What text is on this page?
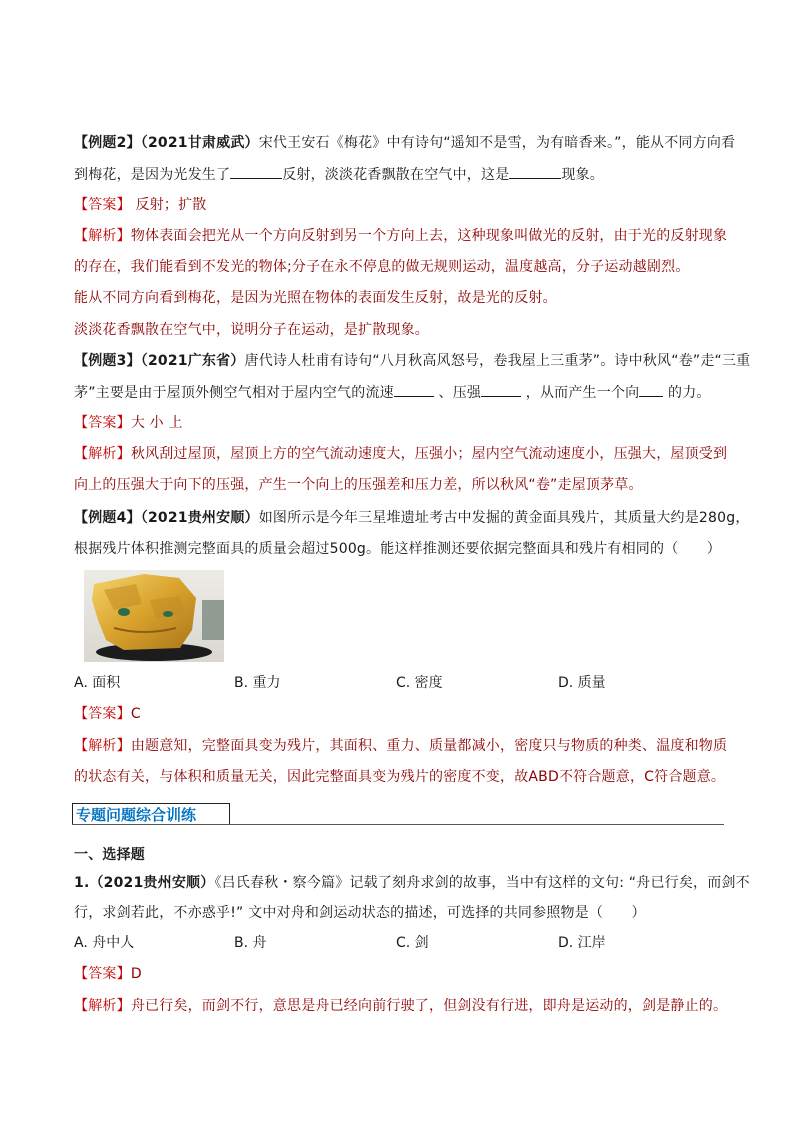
【例题2】（2021甘肃威武）宋代王安石《梅花》中有诗句“遥知不是雪，为有暗香来。”，能从不同方向看
到梅花，是因为光发生了	反射，淡淡花香飘散在空气中，这是	现象。
【答案】 反射；扩散
【解析】物体表面会把光从一个方向反射到另一个方向上去，这种现象叫做光的反射，由于光的反射现象
的存在，我们能看到不发光的物体;分子在永不停息的做无规则运动，温度越高，分子运动越剧烈。
能从不同方向看到梅花，是因为光照在物体的表面发生反射，故是光的反射。
淡淡花香飘散在空气中，说明分子在运动，是扩散现象。
【例题3】（2021广东省）唐代诗人杜甫有诗句“八月秋高风怒号，卷我屋上三重茅”。诗中秋风“卷”走“三重
茅”主要是由于屋顶外侧空气相对于屋内空气的流速	、压强	，从而产生一个向 的力。
【答案】大 小 上
【解析】秋风刮过屋顶，屋顶上方的空气流动速度大，压强小；屋内空气流动速度小，压强大，屋顶受到
向上的压强大于向下的压强，产生一个向上的压强差和压力差，所以秋风“卷”走屋顶茅草。
【例题4】（2021贵州安顺）如图所示是今年三星堆遗址考古中发掘的黄金面具残片，其质量大约是280g，
根据残片体积推测完整面具的质量会超过500g。能这样推测还要依据完整面具和残片有相同的（　　）
A. 面积	B. 重力	C. 密度	D. 质量
【答案】C
【解析】由题意知，完整面具变为残片，其面积、重力、质量都减小，密度只与物质的种类、温度和物质
的状态有关，与体积和质量无关，因此完整面具变为残片的密度不变，故ABD不符合题意，C符合题意。
专题问题综合训练
一、选择题
1.（2021贵州安顺）《吕氏春秋・察今篇》记载了刻舟求剑的故事，当中有这样的文句: “舟已行矣，而剑不
行，求剑若此，不亦惑乎!” 文中对舟和剑运动状态的描述，可选择的共同参照物是（　　）
A. 舟中人	B. 舟	C. 剑	D. 江岸
【答案】D
【解析】舟已行矣，而剑不行，意思是舟已经向前行驶了，但剑没有行进，即舟是运动的，剑是静止的。
